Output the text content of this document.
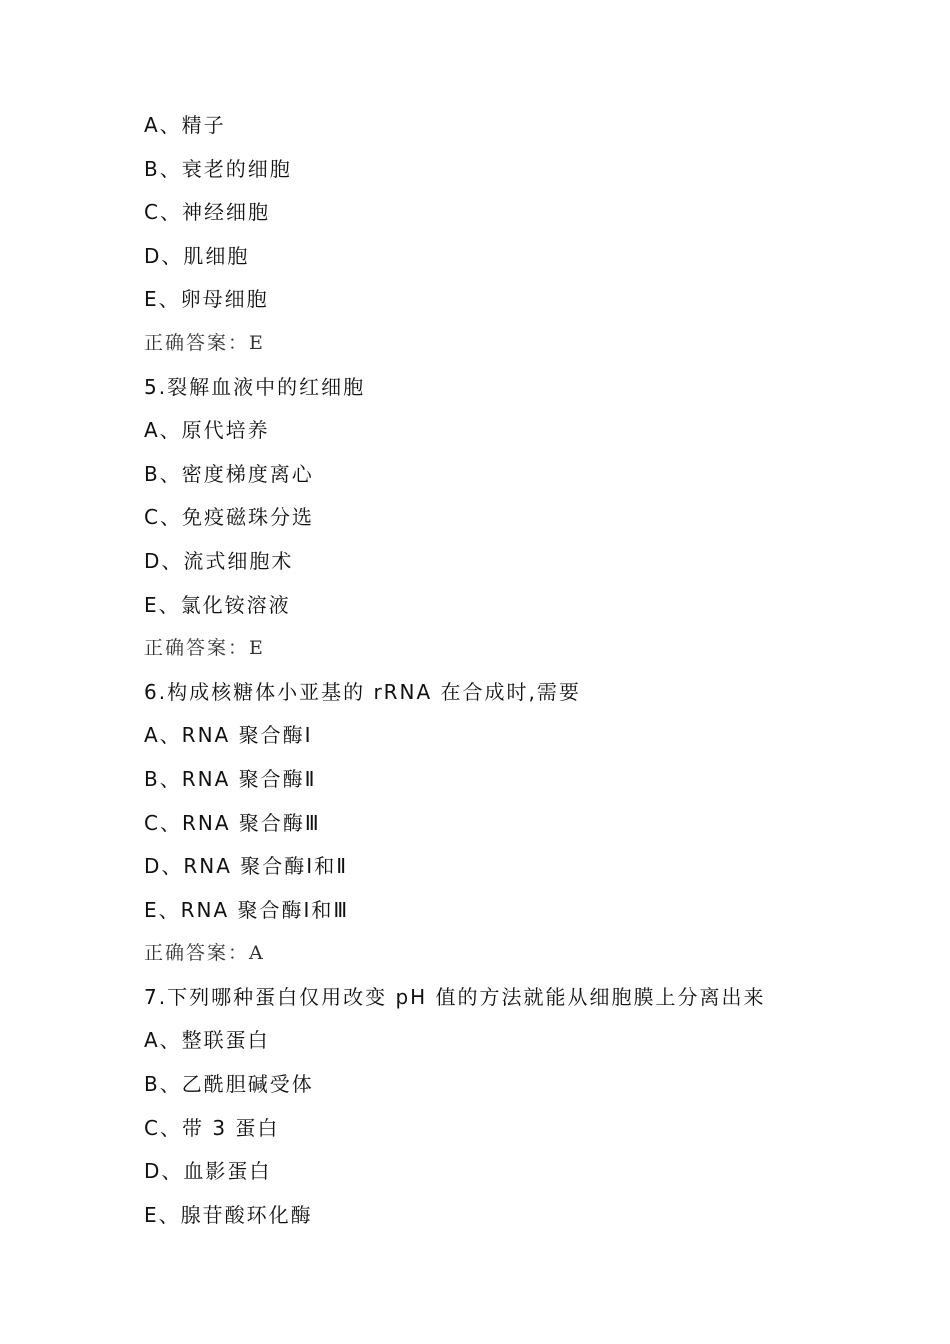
A、精子
B、衰老的细胞
C、神经细胞
D、肌细胞
E、卵母细胞
正确答案：E
5.裂解血液中的红细胞
A、原代培养
B、密度梯度离心
C、免疫磁珠分选
D、流式细胞术
E、氯化铵溶液
正确答案：E
6.构成核糖体小亚基的 rRNA 在合成时,需要
A、RNA 聚合酶Ⅰ
B、RNA 聚合酶Ⅱ
C、RNA 聚合酶Ⅲ
D、RNA 聚合酶Ⅰ和Ⅱ
E、RNA 聚合酶Ⅰ和Ⅲ
正确答案：A
7.下列哪种蛋白仅用改变 pH 值的方法就能从细胞膜上分离出来
A、整联蛋白
B、乙酰胆碱受体
C、带 3 蛋白
D、血影蛋白
E、腺苷酸环化酶
